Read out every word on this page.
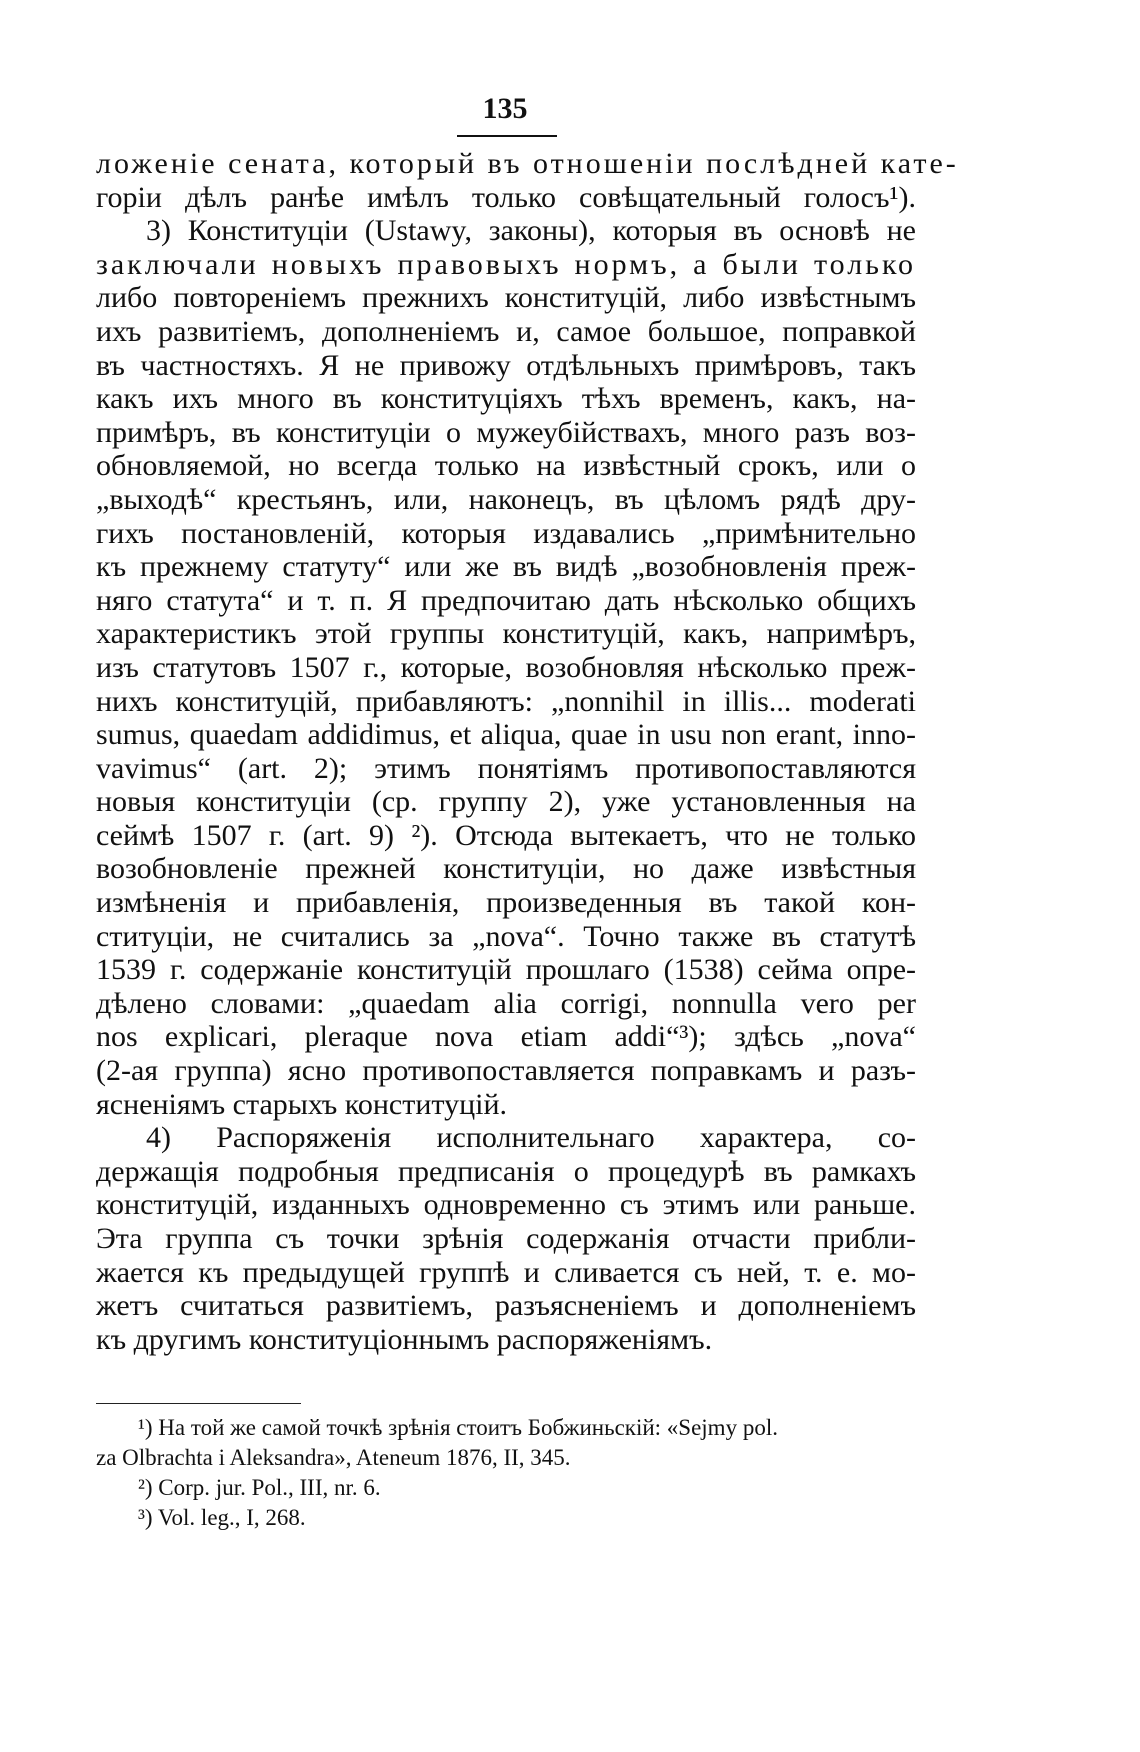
135
ложенiе сената, который въ отношенiи послѣдней кате-
горiи дѣлъ ранѣе имѣлъ только совѣщательный голосъ¹).
3) Конституцiи (Ustawy, законы), которыя въ основѣ не
заключали новыхъ правовыхъ нормъ, а были только
либо повторенiемъ прежнихъ конституцiй, либо извѣстнымъ
ихъ развитiемъ, дополненiемъ и, самое большое, поправкой
въ частностяхъ. Я не привожу отдѣльныхъ примѣровъ, такъ
какъ ихъ много въ конституцiяхъ тѣхъ временъ, какъ, на-
примѣръ, въ конституцiи о мужеубiйствахъ, много разъ воз-
обновляемой, но всегда только на извѣстный срокъ, или о
„выходѣ“ крестьянъ, или, наконецъ, въ цѣломъ рядѣ дру-
гихъ постановленiй, которыя издавались „примѣнительно
къ прежнему статуту“ или же въ видѣ „возобновленiя преж-
няго статута“ и т. п. Я предпочитаю дать нѣсколько общихъ
характеристикъ этой группы конституцiй, какъ, напримѣръ,
изъ статутовъ 1507 г., которые, возобновляя нѣсколько преж-
нихъ конституцiй, прибавляютъ: „nonnihil in illis... moderati
sumus, quaedam addidimus, et aliqua, quae in usu non erant, inno-
vavimus“ (art. 2); этимъ понятiямъ противопоставляются
новыя конституцiи (ср. группу 2), уже установленныя на
сеймѣ 1507 г. (art. 9) ²). Отсюда вытекаетъ, что не только
возобновленiе прежней конституцiи, но даже извѣстныя
измѣненiя и прибавленiя, произведенныя въ такой кон-
ституцiи, не считались за „nova“. Точно также въ статутѣ
1539 г. содержанiе конституцiй прошлаго (1538) сейма опре-
дѣлено словами: „quaedam alia corrigi, nonnulla vero per
nos explicari, pleraque nova etiam addi“³); здѣсь „nova“
(2-ая группа) ясно противопоставляется поправкамъ и разъ-
ясненiямъ старыхъ конституцiй.
4) Распоряженiя исполнительнаго характера, со-
держащiя подробныя предписанiя о процедурѣ въ рамкахъ
конституцiй, изданныхъ одновременно съ этимъ или раньше.
Эта группа съ точки зрѣнiя содержанiя отчасти прибли-
жается къ предыдущей группѣ и сливается съ ней, т. е. мо-
жетъ считаться развитiемъ, разъясненiемъ и дополненiемъ
къ другимъ конституцiоннымъ распоряженiямъ.
¹) На той же самой точкѣ зрѣнiя стоитъ Бобжиньскiй: «Sejmy pol.
za Olbrachta i Aleksandra», Ateneum 1876, II, 345.
²) Corp. jur. Pol., III, nr. 6.
³) Vol. leg., I, 268.
